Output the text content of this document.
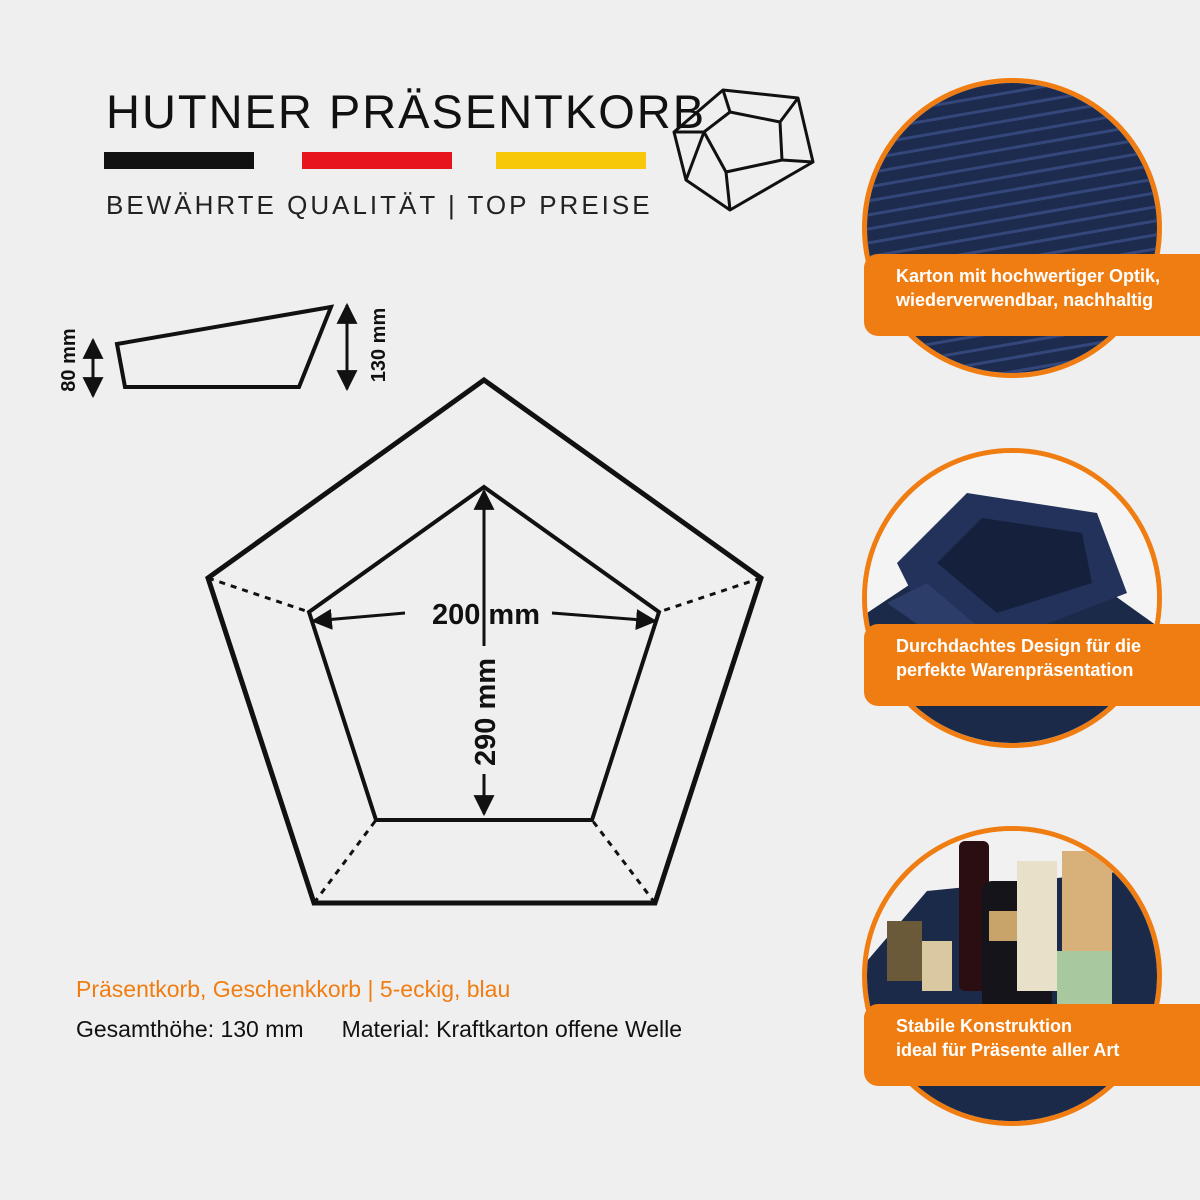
HUTNER PRÄSENTKORB
BEWÄHRTE QUALITÄT | TOP PREISE
80 mm	130 mm
200 mm
290 mm
Präsentkorb, Geschenkkorb | 5-eckig, blau
Gesamthöhe: 130 mm Material: Kraftkarton offene Welle
Karton mit hochwertiger Optik,
wiederverwendbar, nachhaltig
Durchdachtes Design für die
perfekte Warenpräsentation
Stabile Konstruktion
ideal für Präsente aller Art
